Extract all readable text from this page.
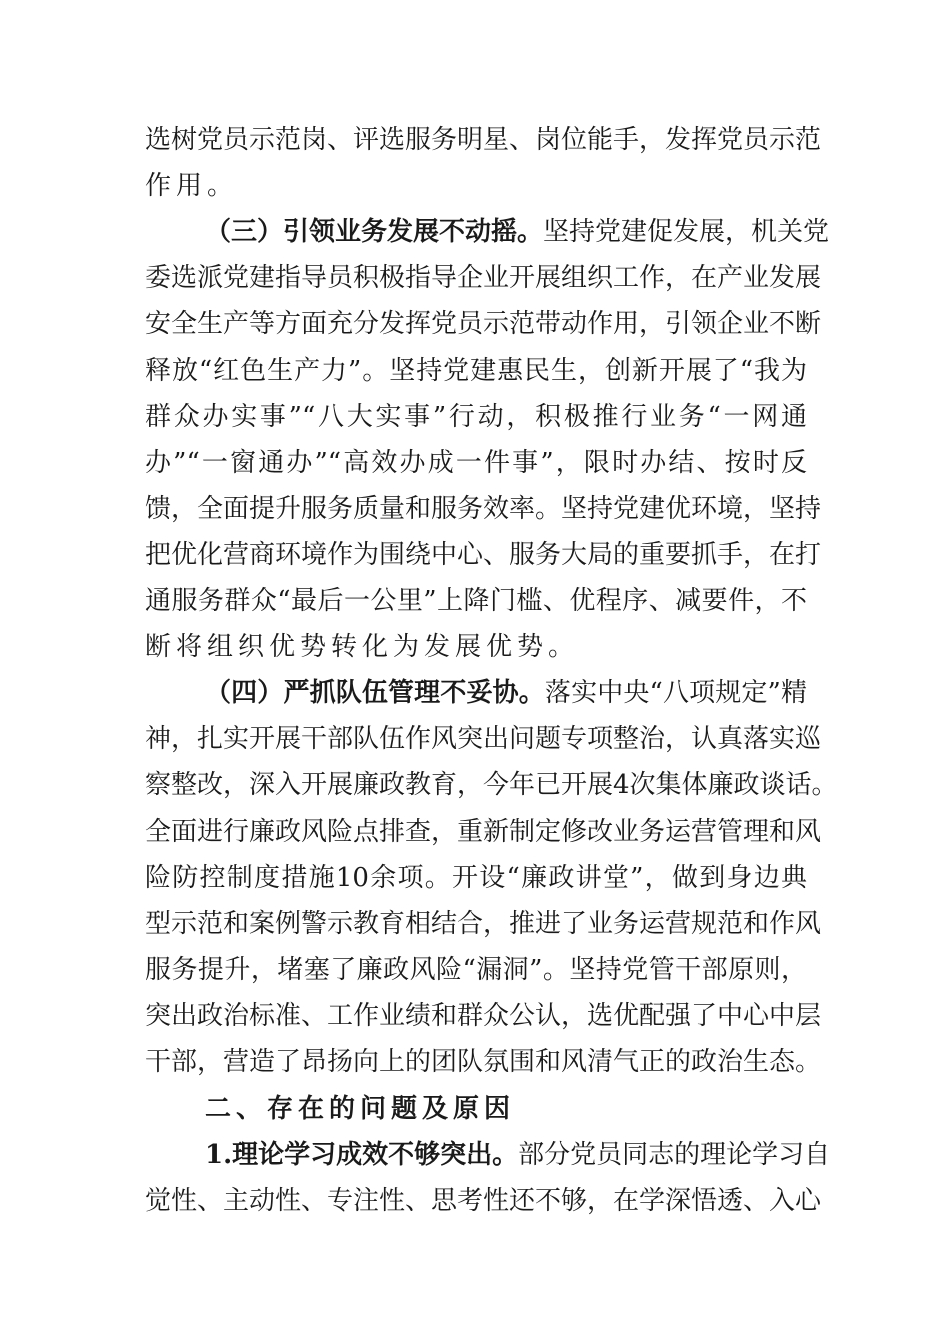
选树党员示范岗、评选服务明星、岗位能手，发挥党员示范
作用。
（三）引领业务发展不动摇。坚持党建促发展，机关党
委选派党建指导员积极指导企业开展组织工作，在产业发展
安全生产等方面充分发挥党员示范带动作用，引领企业不断
释放“红色生产力”。坚持党建惠民生，创新开展了“我为
群众办实事”“八大实事”行动，积极推行业务“一网通
办”“一窗通办”“高效办成一件事”，限时办结、按时反
馈，全面提升服务质量和服务效率。坚持党建优环境，坚持
把优化营商环境作为围绕中心、服务大局的重要抓手，在打
通服务群众“最后一公里”上降门槛、优程序、减要件，不
断将组织优势转化为发展优势。
（四）严抓队伍管理不妥协。落实中央“八项规定”精
神，扎实开展干部队伍作风突出问题专项整治，认真落实巡
察整改，深入开展廉政教育，今年已开展4次集体廉政谈话。
全面进行廉政风险点排查，重新制定修改业务运营管理和风
险防控制度措施10余项。开设“廉政讲堂”，做到身边典
型示范和案例警示教育相结合，推进了业务运营规范和作风
服务提升，堵塞了廉政风险“漏洞”。坚持党管干部原则，
突出政治标准、工作业绩和群众公认，选优配强了中心中层
干部，营造了昂扬向上的团队氛围和风清气正的政治生态。
二、存在的问题及原因
1.理论学习成效不够突出。部分党员同志的理论学习自
觉性、主动性、专注性、思考性还不够，在学深悟透、入心
